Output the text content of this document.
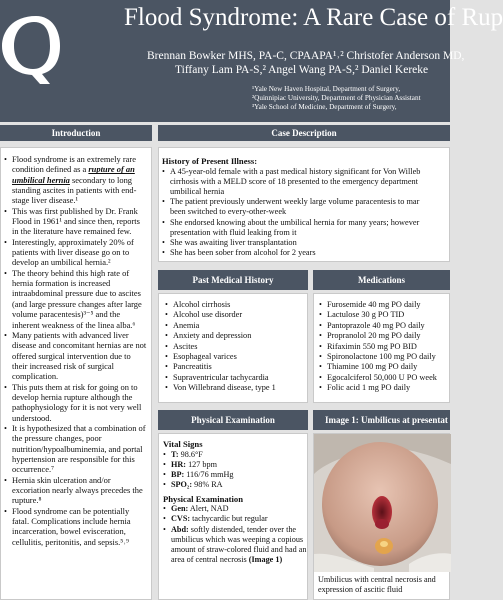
Flood Syndrome: A Rare Case of Rup
Brennan Bowker MHS, PA-C, CPAAPA¹˒² Christofer Anderson MD,
Tiffany Lam PA-S,² Angel Wang PA-S,² Daniel Kereke
¹Yale New Haven Hospital, Department of Surgery,
²Quinnipiac University, Department of Physician Assistant
³Yale School of Medicine, Department of Surgery,
Introduction
• Flood syndrome is an extremely rare condition defined as a rupture of an umbilical hernia secondary to long standing ascites in patients with end-stage liver disease.¹
• This was first published by Dr. Frank Flood in 1961¹ and since then, reports in the literature have remained few.
• Interestingly, approximately 20% of patients with liver disease go on to develop an umbilical hernia.²
• The theory behind this high rate of hernia formation is increased intraabdominal pressure due to ascites (and large pressure changes after large volume paracentesis)³⁻⁵ and the inherent weakness of the linea alba.⁶
• Many patients with advanced liver disease and concomitant hernias are not offered surgical intervention due to their increased risk of surgical complication.
• This puts them at risk for going on to develop hernia rupture although the pathophysiology for it is not very well understood.
• It is hypothesized that a combination of the pressure changes, poor nutrition/hypoalbuminemia, and portal hypertension are responsible for this occurrence.⁷
• Hernia skin ulceration and/or excoriation nearly always precedes the rupture.⁸
• Flood syndrome can be potentially fatal. Complications include hernia incarceration, bowel evisceration, cellulitis, peritonitis, and sepsis.⁵˒⁹
Case Description
History of Present Illness:
• A 45-year-old female with a past medical history significant for Von Willeb
cirrhosis with a MELD score of 18 presented to the emergency department
umbilical hernia
• The patient previously underwent weekly large volume paracentesis to mar
been switched to every-other-week
• She endorsed knowing about the umbilical hernia for many years; however
presentation with fluid leaking from it
• She was awaiting liver transplantation
• She has been sober from alcohol for 2 years
Past Medical History
• Alcohol cirrhosis
• Alcohol use disorder
• Anemia
• Anxiety and depression
• Ascites
• Esophageal varices
• Pancreatitis
• Supraventricular tachycardia
• Von Willebrand disease, type 1
Medications
• Furosemide 40 mg PO daily
• Lactulose 30 g PO TID
• Pantoprazole 40 mg PO daily
• Propranolol 20 mg PO daily
• Rifaximin 550 mg PO BID
• Spironolactone 100 mg PO daily
• Thiamine 100 mg PO daily
• Egocalciferol 50,000 U PO week
• Folic acid 1 mg PO daily
Physical Examination
Vital Signs
• T: 98.6°F
• HR: 127 bpm
• BP: 116/76 mmHg
• SPO₂: 98% RA
Physical Examination
• Gen: Alert, NAD
• CVS: tachycardic but regular
• Abd: softly distended, tender over the umbilicus which was weeping a copious amount of straw-colored fluid and had an area of central necrosis (Image 1)
Image 1: Umbilicus at presentat
Umbilicus with central necrosis and
expression of ascitic fluid
